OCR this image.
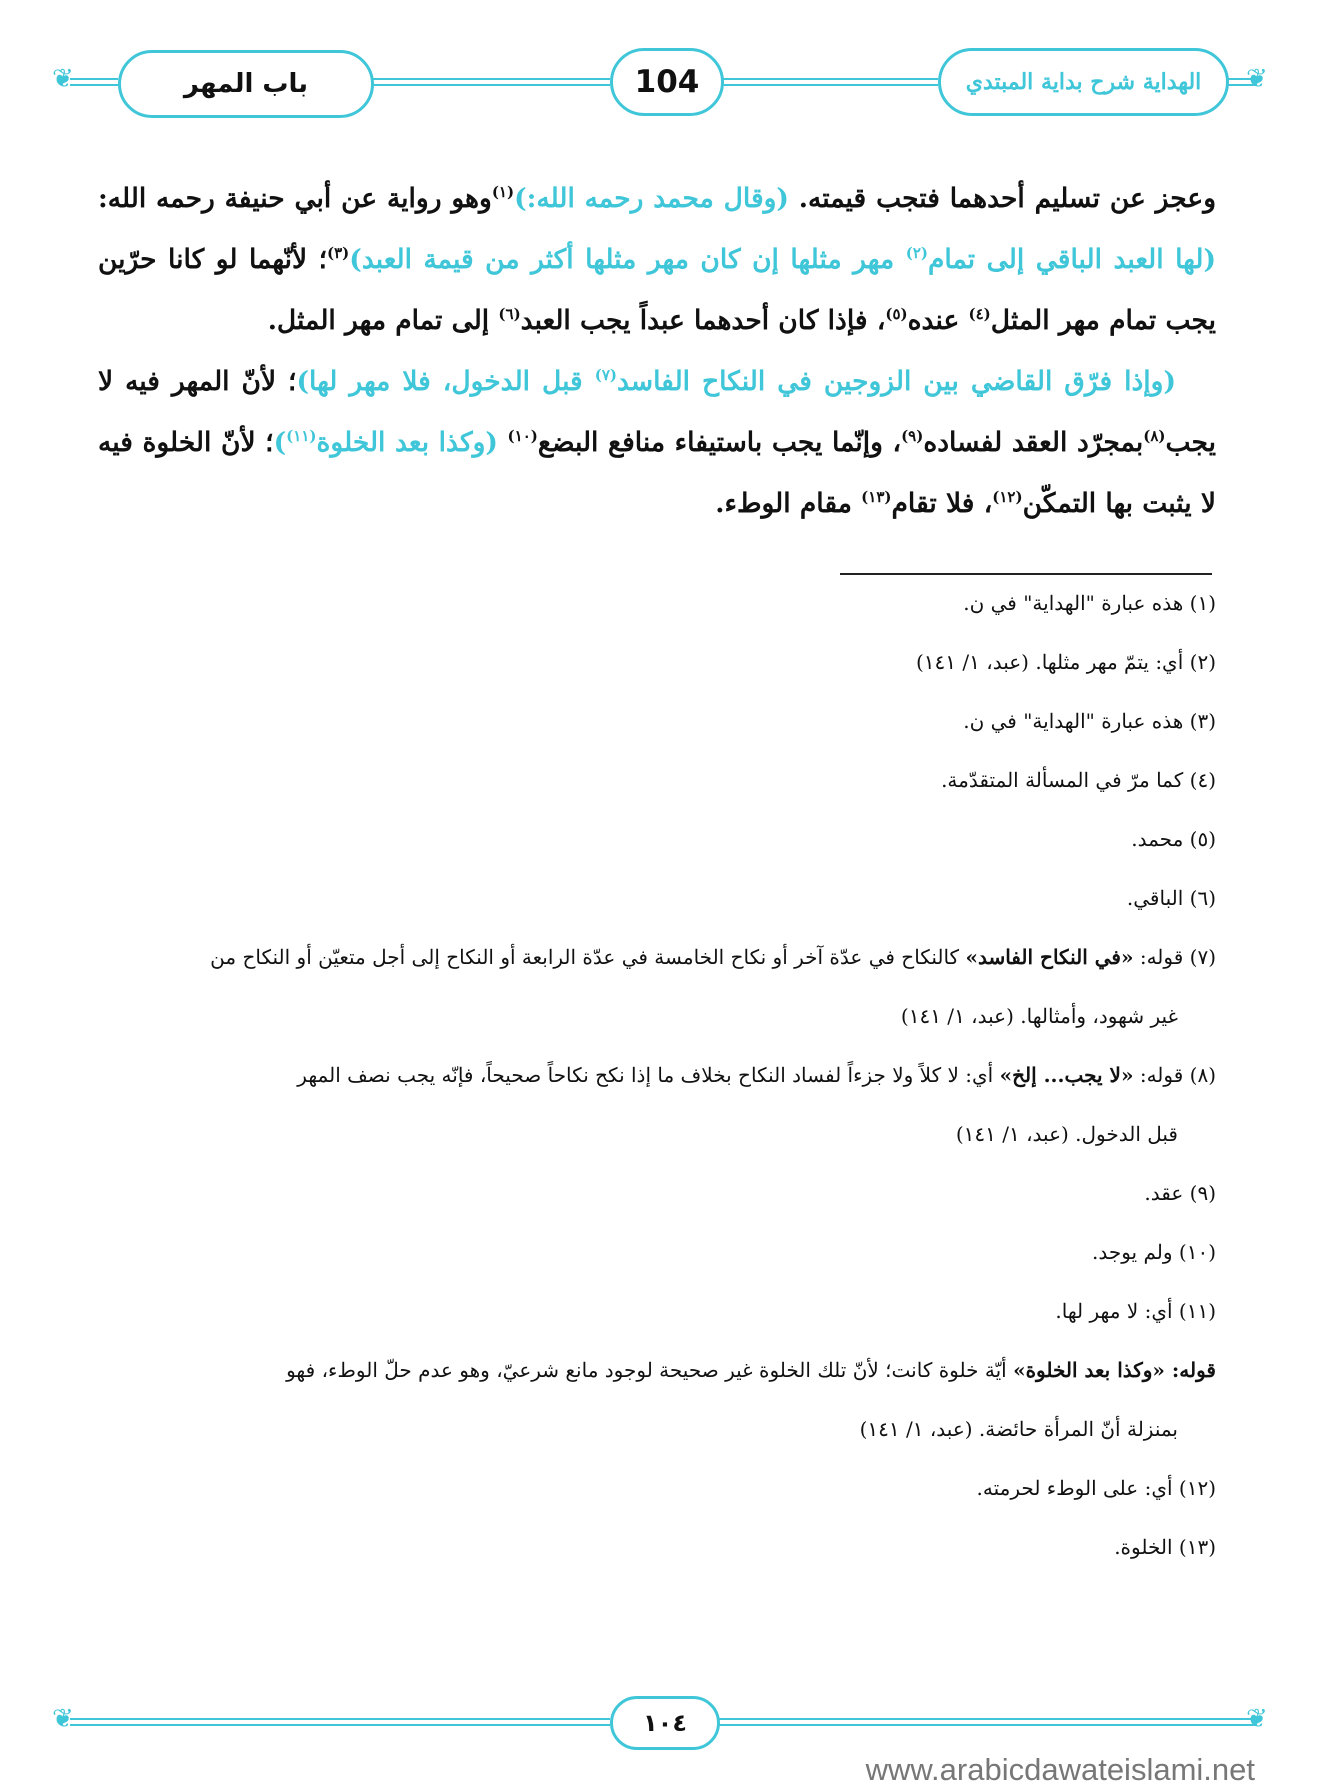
❦	❦
باب المهر	104	الهداية شرح بداية المبتدي
وعجز عن تسليم أحدهما فتجب قيمته. (وقال محمد رحمه الله:)$^{(١)}$وهو رواية عن أبي حنيفة رحمه الله: (لها العبد الباقي إلى تمام$^{(٢)}$ مهر مثلها إن كان مهر مثلها أكثر من قيمة العبد)$^{(٣)}$؛ لأنّهما لو كانا حرّين يجب تمام مهر المثل$^{(٤)}$ عنده$^{(٥)}$، فإذا كان أحدهما عبداً يجب العبد$^{(٦)}$ إلى تمام مهر المثل.
(وإذا فرّق القاضي بين الزوجين في النكاح الفاسد$^{(٧)}$ قبل الدخول، فلا مهر لها)؛ لأنّ المهر فيه لا يجب$^{(٨)}$بمجرّد العقد لفساده$^{(٩)}$، وإنّما يجب باستيفاء منافع البضع$^{(١٠)}$ (وكذا بعد الخلوة$^{(١١)}$)؛ لأنّ الخلوة فيه لا يثبت بها التمكّن$^{(١٢)}$، فلا تقام$^{(١٣)}$ مقام الوطء.
(١) هذه عبارة "الهداية" في ن.
(٢) أي: يتمّ مهر مثلها. (عبد، ١/ ١٤١)
(٣) هذه عبارة "الهداية" في ن.
(٤) كما مرّ في المسألة المتقدّمة.
(٥) محمد.
(٦) الباقي.
(٧) قوله: «في النكاح الفاسد» كالنكاح في عدّة آخر أو نكاح الخامسة في عدّة الرابعة أو النكاح إلى أجل متعيّن أو النكاح من
غير شهود، وأمثالها. (عبد، ١/ ١٤١)
(٨) قوله: «لا يجب... إلخ» أي: لا كلاً ولا جزءاً لفساد النكاح بخلاف ما إذا نكح نكاحاً صحيحاً، فإنّه يجب نصف المهر
قبل الدخول. (عبد، ١/ ١٤١)
(٩) عقد.
(١٠) ولم يوجد.
(١١) أي: لا مهر لها.
قوله: «وكذا بعد الخلوة» أيّة خلوة كانت؛ لأنّ تلك الخلوة غير صحيحة لوجود مانع شرعيّ، وهو عدم حلّ الوطء، فهو
بمنزلة أنّ المرأة حائضة. (عبد، ١/ ١٤١)
(١٢) أي: على الوطء لحرمته.
(١٣) الخلوة.
❦	❦
١٠٤
www.arabicdawateislami.net
